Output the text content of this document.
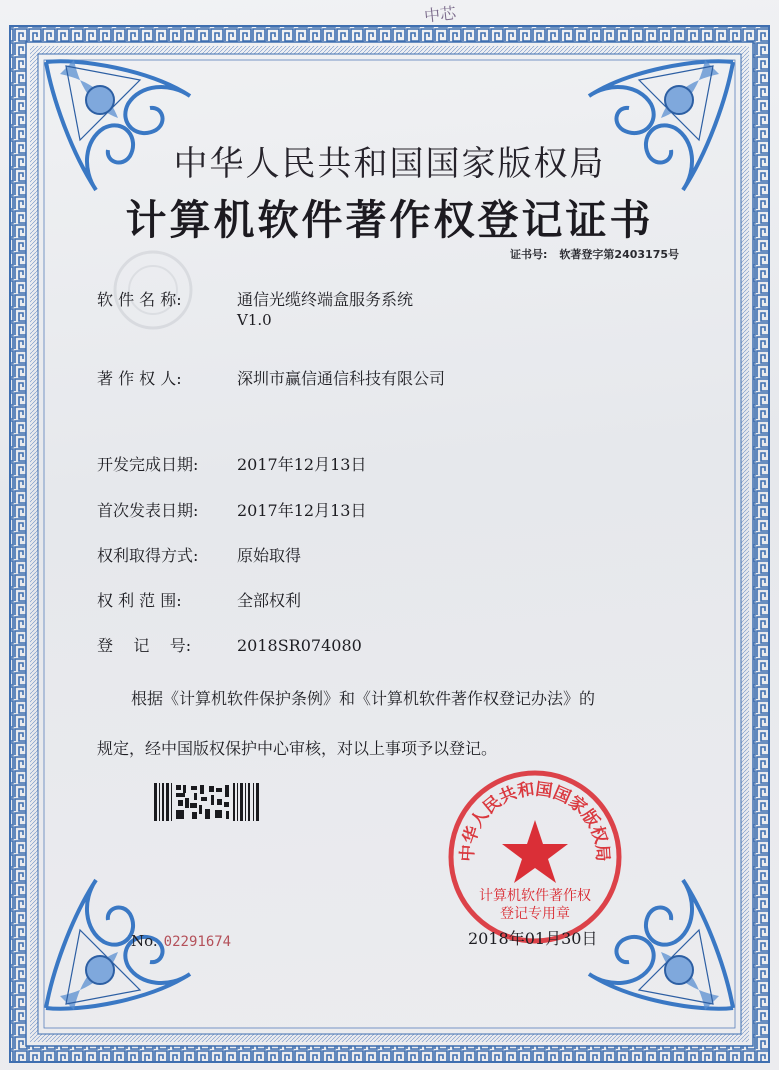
中芯
中华人民共和国国家版权局
计算机软件著作权登记证书
证书号: 软著登字第2403175号
软 件 名 称:	通信光缆终端盒服务系统
V1.0
著 作 权 人:	深圳市赢信通信科技有限公司
开发完成日期: 2017年12月13日
首次发表日期: 2017年12月13日
权利取得方式: 原始取得
权 利 范 围:	全部权利
登    记    号:	2018SR074080
根据《计算机软件保护条例》和《计算机软件著作权登记办法》的
规定，经中国版权保护中心审核，对以上事项予以登记。
No. 02291674
中华人民共和国国家版权局
计算机软件著作权
登记专用章
2018年01月30日
